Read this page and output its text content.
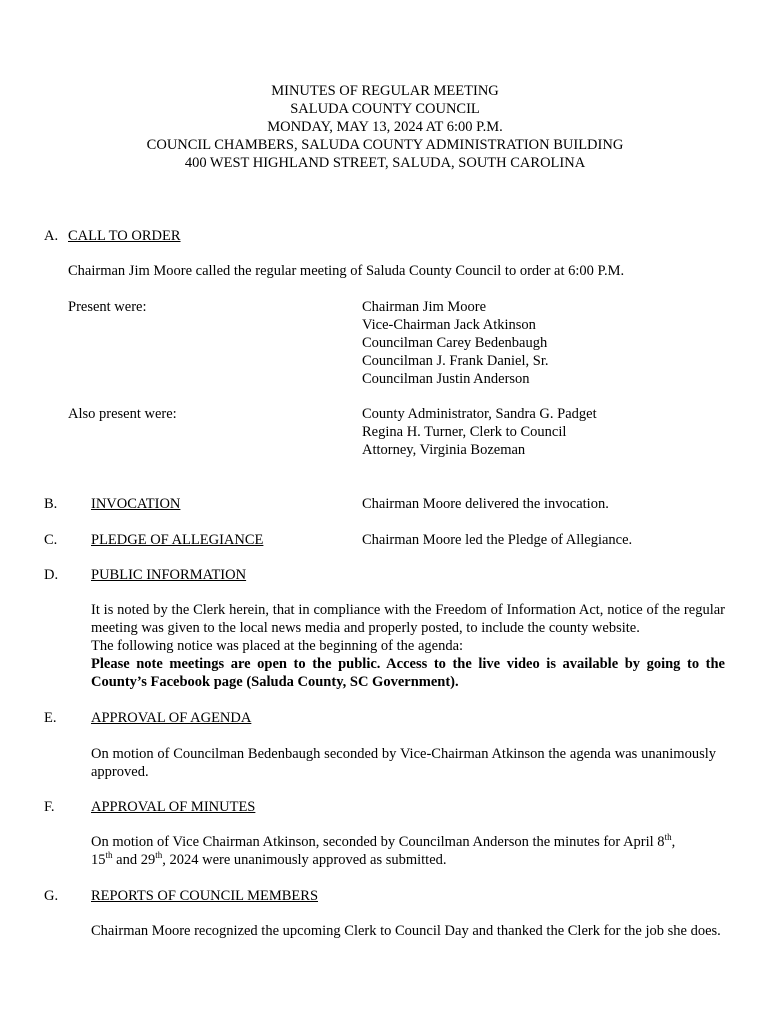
MINUTES OF REGULAR MEETING
SALUDA COUNTY COUNCIL
MONDAY, MAY 13, 2024 AT 6:00 P.M.
COUNCIL CHAMBERS, SALUDA COUNTY ADMINISTRATION BUILDING
400 WEST HIGHLAND STREET, SALUDA, SOUTH CAROLINA
A. CALL TO ORDER
Chairman Jim Moore called the regular meeting of Saluda County Council to order at 6:00 P.M.
Present were:	Chairman Jim Moore
Vice-Chairman Jack Atkinson
Councilman Carey Bedenbaugh
Councilman J. Frank Daniel, Sr.
Councilman Justin Anderson
Also present were:	County Administrator, Sandra G. Padget
Regina H. Turner, Clerk to Council
Attorney, Virginia Bozeman
B. INVOCATION	Chairman Moore delivered the invocation.
C. PLEDGE OF ALLEGIANCE	Chairman Moore led the Pledge of Allegiance.
D. PUBLIC INFORMATION
It is noted by the Clerk herein, that in compliance with the Freedom of Information Act, notice of the regular meeting was given to the local news media and properly posted, to include the county website.
The following notice was placed at the beginning of the agenda:
Please note meetings are open to the public. Access to the live video is available by going to the County’s Facebook page (Saluda County, SC Government).
E. APPROVAL OF AGENDA
On motion of Councilman Bedenbaugh seconded by Vice-Chairman Atkinson the agenda was unanimously approved.
F.	APPROVAL OF MINUTES
On motion of Vice Chairman Atkinson, seconded by Councilman Anderson the minutes for April 8th,
15th and 29th, 2024 were unanimously approved as submitted.
G. REPORTS OF COUNCIL MEMBERS
Chairman Moore recognized the upcoming Clerk to Council Day and thanked the Clerk for the job she does.
